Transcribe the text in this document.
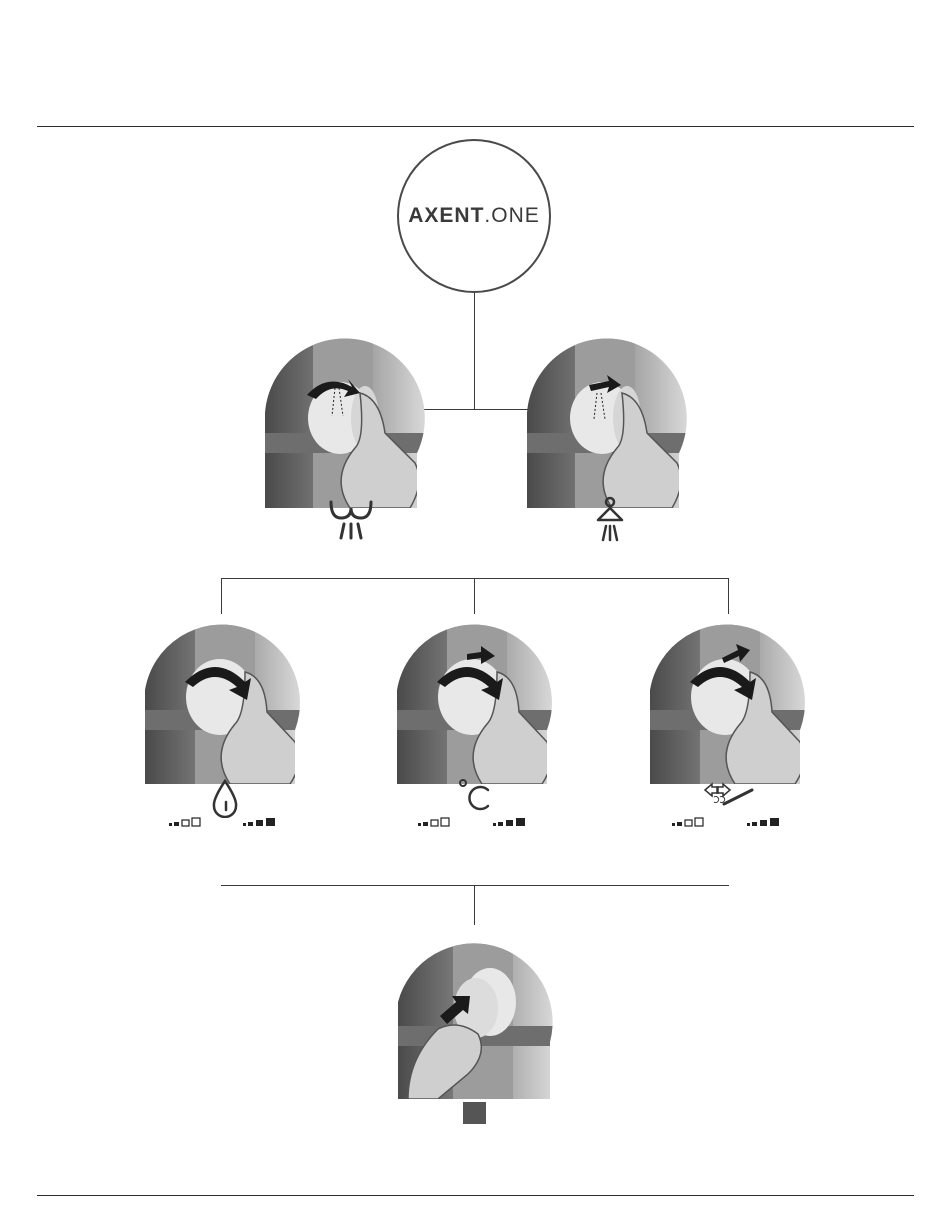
AXENT.ONE
